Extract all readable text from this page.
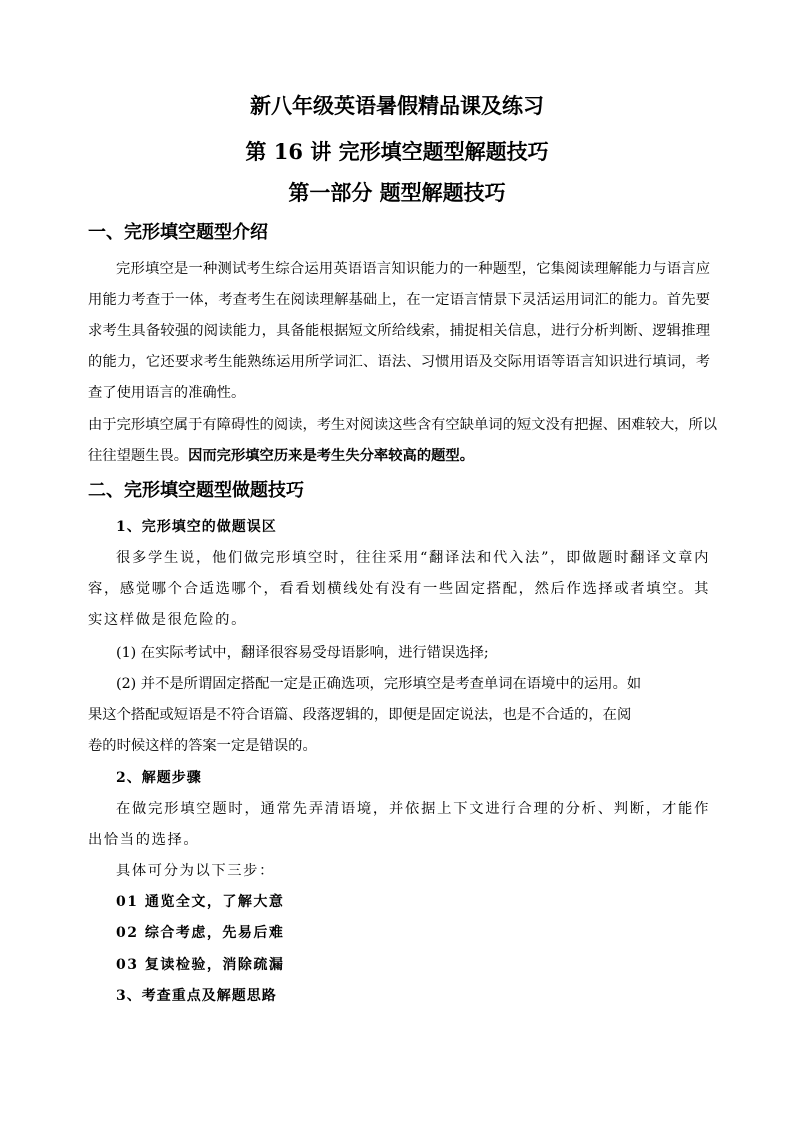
新八年级英语暑假精品课及练习
第 16 讲 完形填空题型解题技巧
第一部分 题型解题技巧
一、完形填空题型介绍

完形填空是一种测试考生综合运用英语语言知识能力的一种题型，它集阅读理解能力与语言应用能力考查于一体，考查考生在阅读理解基础上，在一定语言情景下灵活运用词汇的能力。首先要求考生具备较强的阅读能力，具备能根据短文所给线索，捕捉相关信息，进行分析判断、逻辑推理的能力，它还要求考生能熟练运用所学词汇、语法、习惯用语及交际用语等语言知识进行填词，考查了使用语言的准确性。

由于完形填空属于有障碍性的阅读，考生对阅读这些含有空缺单词的短文没有把握、困难较大，所以
往往望题生畏。因而完形填空历来是考生失分率较高的题型。
二、完形填空题型做题技巧
1、完形填空的做题误区

很多学生说，他们做完形填空时，往往采用“翻译法和代入法”，即做题时翻译文章内容，感觉哪个合适选哪个，看看划横线处有没有一些固定搭配，然后作选择或者填空。其实这样做是很危险的。

(1) 在实际考试中，翻译很容易受母语影响，进行错误选择;
(2) 并不是所谓固定搭配一定是正确选项，完形填空是考查单词在语境中的运用。如
果这个搭配或短语是不符合语篇、段落逻辑的，即便是固定说法，也是不合适的，在阅
卷的时候这样的答案一定是错误的。
2、解题步骤

在做完形填空题时，通常先弄清语境，并依据上下文进行合理的分析、判断，才能作出恰当的选择。

具体可分为以下三步：
01 通览全文，了解大意
02 综合考虑，先易后难
03 复读检验，消除疏漏
3、考查重点及解题思路
